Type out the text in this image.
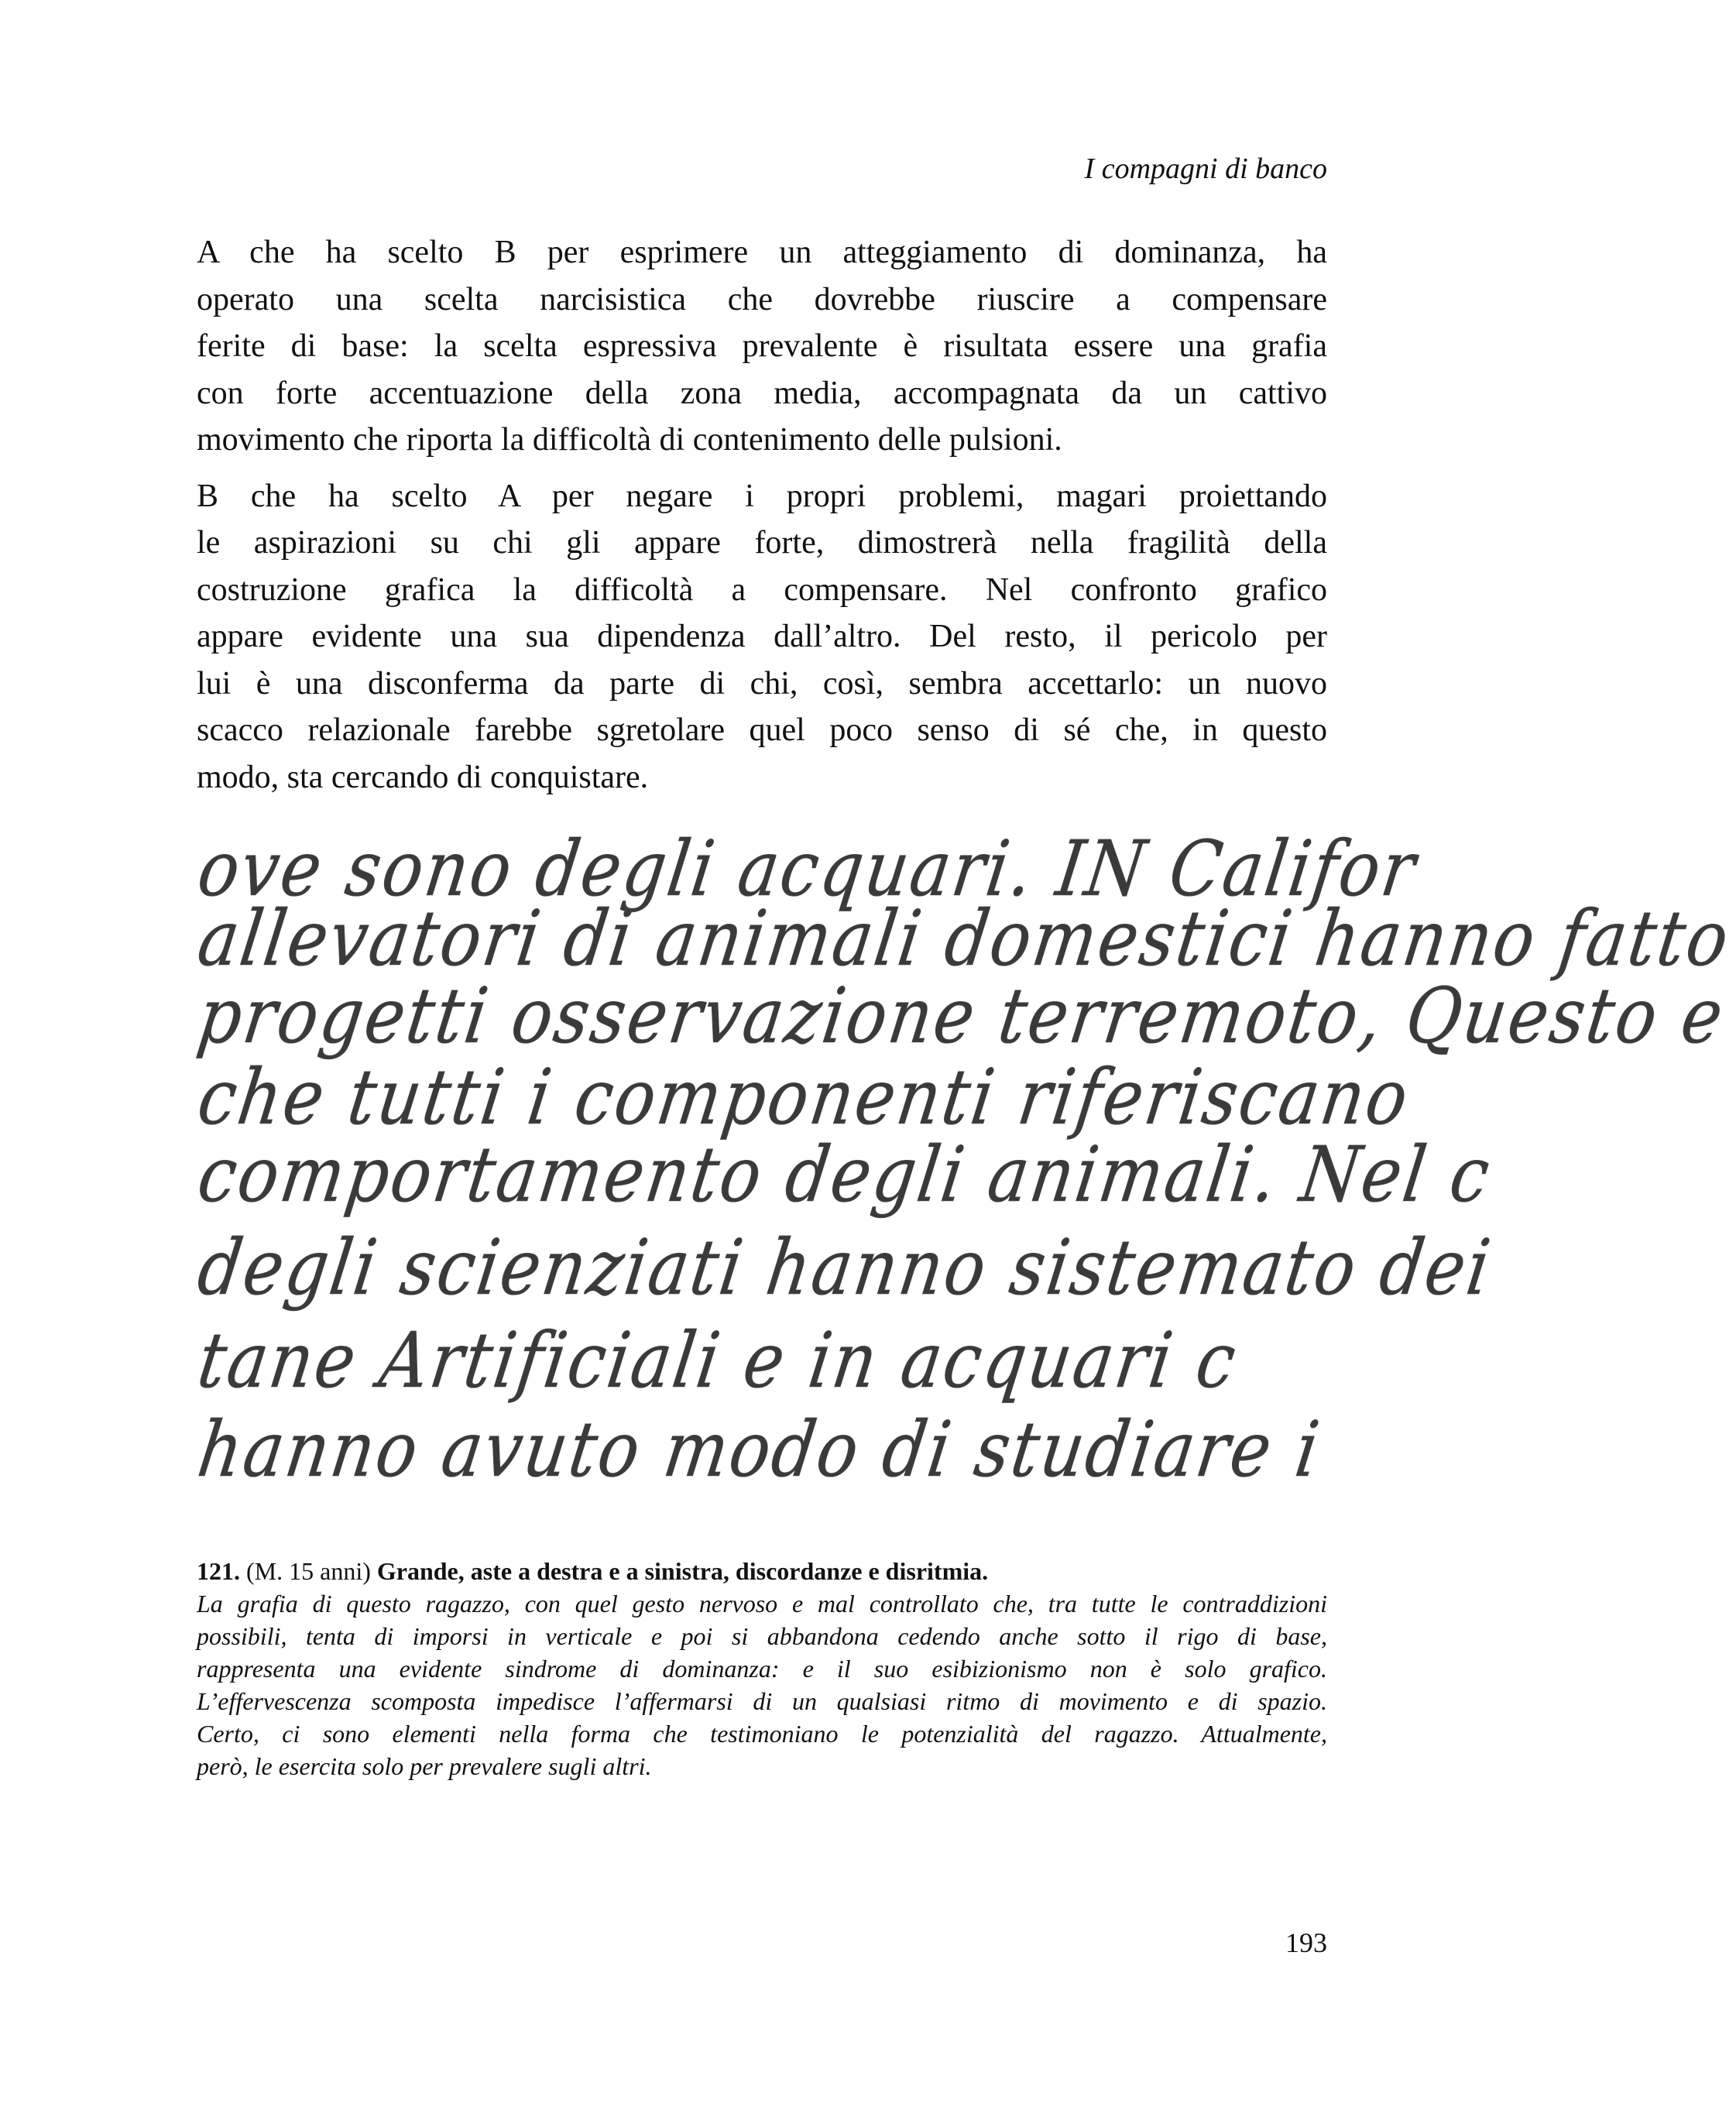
I compagni di banco

A che ha scelto B per esprimere un atteggiamento di dominanza, ha
operato una scelta narcisistica che dovrebbe riuscire a compensare
ferite di base: la scelta espressiva prevalente è risultata essere una grafia
con forte accentuazione della zona media, accompagnata da un cattivo
movimento che riporta la difficoltà di contenimento delle pulsioni.

B che ha scelto A per negare i propri problemi, magari proiettando
le aspirazioni su chi gli appare forte, dimostrerà nella fragilità della
costruzione grafica la difficoltà a compensare. Nel confronto grafico
appare evidente una sua dipendenza dall’altro. Del resto, il pericolo per
lui è una disconferma da parte di chi, così, sembra accettarlo: un nuovo
scacco relazionale farebbe sgretolare quel poco senso di sé che, in questo
modo, sta cercando di conquistare.

ove sono degli acquari. IN Califor
allevatori di animali domestici hanno fatto
progetti osservazione terremoto, Questo e
che tutti i componenti riferiscano
comportamento degli animali. Nel c
degli scienziati hanno sistemato dei
tane Artificiali e in acquari c
hanno avuto modo di studiare i
121. (M. 15 anni) Grande, aste a destra e a sinistra, discordanze e disritmia.
La grafia di questo ragazzo, con quel gesto nervoso e mal controllato che, tra tutte le contraddizioni
possibili, tenta di imporsi in verticale e poi si abbandona cedendo anche sotto il rigo di base,
rappresenta una evidente sindrome di dominanza: e il suo esibizionismo non è solo grafico.
L’effervescenza scomposta impedisce l’affermarsi di un qualsiasi ritmo di movimento e di spazio.
Certo, ci sono elementi nella forma che testimoniano le potenzialità del ragazzo. Attualmente,
però, le esercita solo per prevalere sugli altri.
193
